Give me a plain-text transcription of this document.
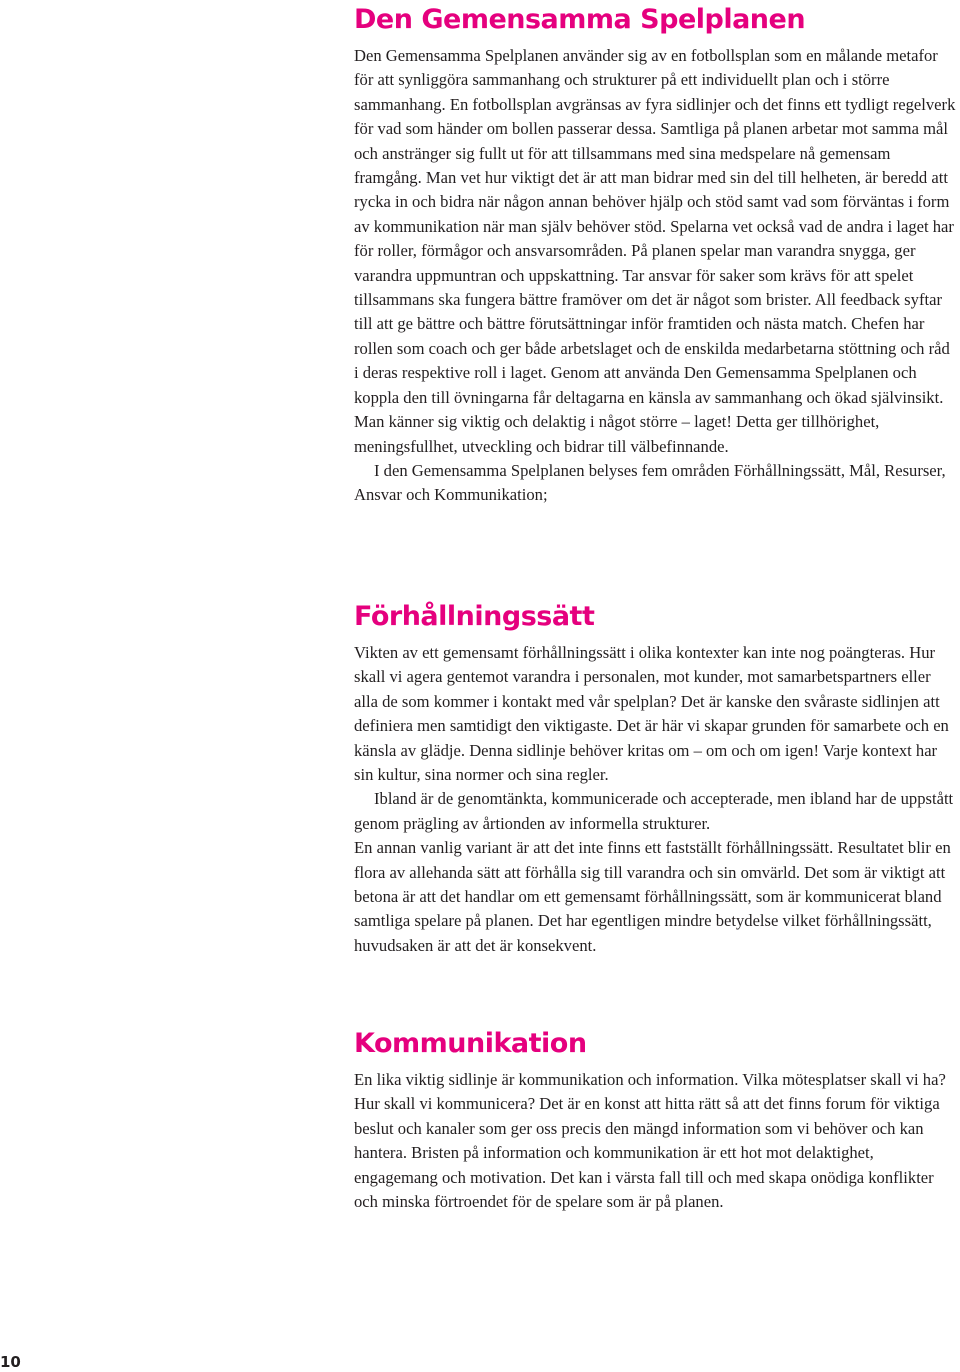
Den Gemensamma Spelplanen

Den Gemensamma Spelplanen använder sig av en fotbollsplan som en målande metafor för att synliggöra sammanhang och strukturer på ett individuellt plan och i större sammanhang. En fotbollsplan avgränsas av fyra sidlinjer och det finns ett tydligt regelverk för vad som händer om bollen passerar dessa. Samtliga på planen arbetar mot samma mål och anstränger sig fullt ut för att tillsammans med sina medspelare nå gemensam framgång. Man vet hur viktigt det är att man bidrar med sin del till helheten, är beredd att rycka in och bidra när någon annan behöver hjälp och stöd samt vad som förväntas i form av kommunikation när man själv behöver stöd. Spelarna vet också vad de andra i laget har för roller, förmågor och ansvarsområden. På planen spelar man varandra snygga, ger varandra uppmuntran och uppskattning. Tar ansvar för saker som krävs för att spelet tillsammans ska fungera bättre framöver om det är något som brister. All feedback syftar till att ge bättre och bättre förutsättningar inför framtiden och nästa match. Chefen har rollen som coach och ger både arbetslaget och de enskilda medarbetarna stöttning och råd i deras respektive roll i laget. Genom att använda Den Gemensamma Spelplanen och koppla den till övningarna får deltagarna en känsla av sammanhang och ökad självinsikt. Man känner sig viktig och delaktig i något större – laget! Detta ger tillhörighet, meningsfullhet, utveckling och bidrar till välbefinnande.

I den Gemensamma Spelplanen belyses fem områden Förhållningssätt, Mål, Resurser, Ansvar och Kommunikation;

Förhållningssätt

Vikten av ett gemensamt förhållningssätt i olika kontexter kan inte nog poängteras. Hur skall vi agera gentemot varandra i personalen, mot kunder, mot samarbetspartners eller alla de som kommer i kontakt med vår spelplan? Det är kanske den svåraste sidlinjen att definiera men samtidigt den viktigaste. Det är här vi skapar grunden för samarbete och en känsla av glädje. Denna sidlinje behöver kritas om – om och om igen! Varje kontext har sin kultur, sina normer och sina regler.

Ibland är de genomtänkta, kommunicerade och accepterade, men ibland har de uppstått genom prägling av årtionden av informella strukturer.

En annan vanlig variant är att det inte finns ett fastställt förhållningssätt. Resultatet blir en flora av allehanda sätt att förhålla sig till varandra och sin omvärld. Det som är viktigt att betona är att det handlar om ett gemensamt förhållningssätt, som är kommunicerat bland samtliga spelare på planen. Det har egentligen mindre betydelse vilket förhållningssätt, huvudsaken är att det är konsekvent.

Kommunikation

En lika viktig sidlinje är kommunikation och information. Vilka mötesplatser skall vi ha? Hur skall vi kommunicera? Det är en konst att hitta rätt så att det finns forum för viktiga beslut och kanaler som ger oss precis den mängd information som vi behöver och kan hantera. Bristen på information och kommunikation är ett hot mot delaktighet, engagemang och motivation. Det kan i värsta fall till och med skapa onödiga konflikter och minska förtroendet för de spelare som är på planen.

10
